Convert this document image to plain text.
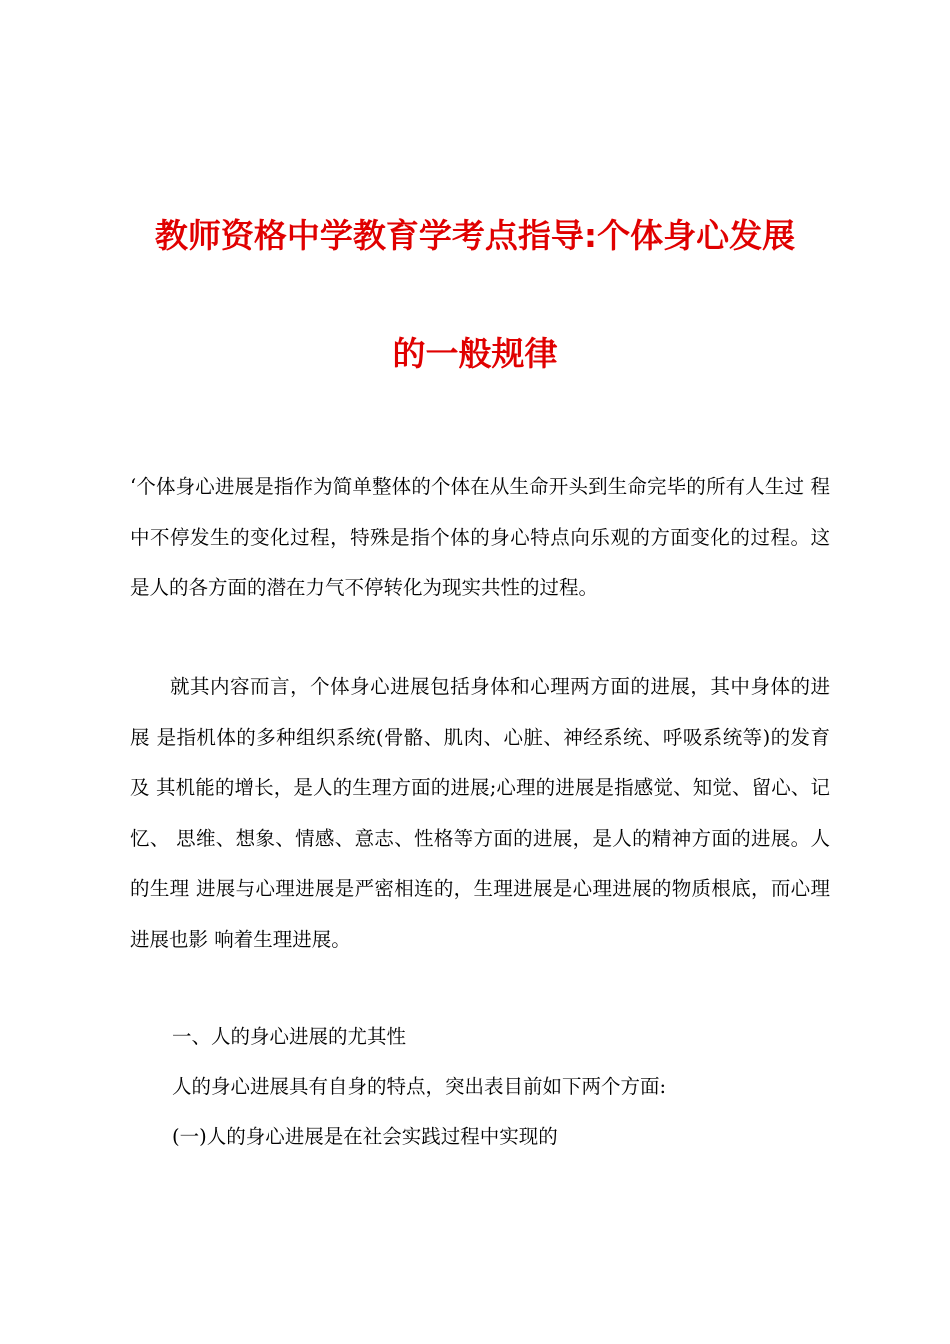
教师资格中学教育学考点指导:个体身心发展
的一般规律
‘个体身心进展是指作为简单整体的个体在从生命开头到生命完毕的所有人生过 程中不停发生的变化过程，特殊是指个体的身心特点向乐观的方面变化的过程。这 是人的各方面的潜在力气不停转化为现实共性的过程。
就其内容而言，个体身心进展包括身体和心理两方面的进展，其中身体的进展 是指机体的多种组织系统(骨骼、肌肉、心脏、神经系统、呼吸系统等)的发育及 其机能的增长，是人的生理方面的进展;心理的进展是指感觉、知觉、留心、记忆、 思维、想象、情感、意志、性格等方面的进展，是人的精神方面的进展。人的生理 进展与心理进展是严密相连的，生理进展是心理进展的物质根底，而心理进展也影 响着生理进展。
一、人的身心进展的尤其性
人的身心进展具有自身的特点，突出表目前如下两个方面:
(一)人的身心进展是在社会实践过程中实现的
